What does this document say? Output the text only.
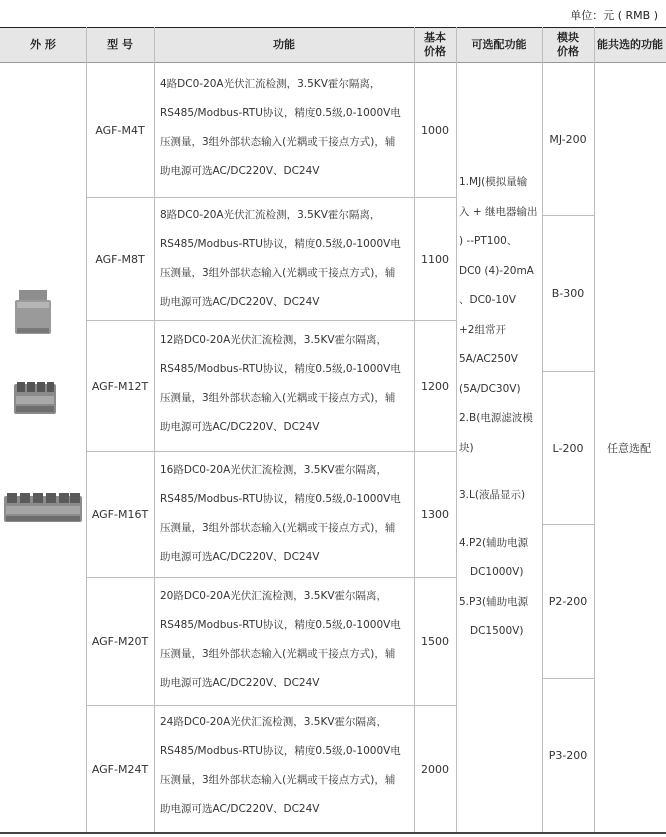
单位：元 ( RMB )
外 形	型 号	功能
基本
价格
可选配功能
模块
价格
能共选的功能
AGF-M4T
4路DC0-20A光伏汇流检测，3.5KV霍尔隔离，
RS485/Modbus-RTU协议，精度0.5级,0-1000V电
压测量，3组外部状态输入(光耦或干接点方式)，辅
助电源可选AC/DC220V、DC24V
1000
AGF-M8T
8路DC0-20A光伏汇流检测，3.5KV霍尔隔离，
RS485/Modbus-RTU协议，精度0.5级,0-1000V电
压测量，3组外部状态输入(光耦或干接点方式)，辅
助电源可选AC/DC220V、DC24V
1100
AGF-M12T
12路DC0-20A光伏汇流检测，3.5KV霍尔隔离，
RS485/Modbus-RTU协议，精度0.5级,0-1000V电
压测量，3组外部状态输入(光耦或干接点方式)，辅
助电源可选AC/DC220V、DC24V
1200
AGF-M16T
16路DC0-20A光伏汇流检测，3.5KV霍尔隔离，
RS485/Modbus-RTU协议，精度0.5级,0-1000V电
压测量，3组外部状态输入(光耦或干接点方式)，辅
助电源可选AC/DC220V、DC24V
1300
AGF-M20T
20路DC0-20A光伏汇流检测，3.5KV霍尔隔离，
RS485/Modbus-RTU协议，精度0.5级,0-1000V电
压测量，3组外部状态输入(光耦或干接点方式)，辅
助电源可选AC/DC220V、DC24V
1500
AGF-M24T
24路DC0-20A光伏汇流检测，3.5KV霍尔隔离，
RS485/Modbus-RTU协议，精度0.5级,0-1000V电
压测量，3组外部状态输入(光耦或干接点方式)，辅
助电源可选AC/DC220V、DC24V
2000
1.MJ(模拟量输
入 + 继电器输出
) --PT100、
DC0 (4)-20mA
、DC0-10V
+2组常开
5A/AC250V
(5A/DC30V)
2.B(电源滤波模块)
3.L(液晶显示)
4.P2(辅助电源
DC1000V)
5.P3(辅助电源
DC1500V)
MJ-200
B-300
L-200
P2-200
P3-200
任意选配
